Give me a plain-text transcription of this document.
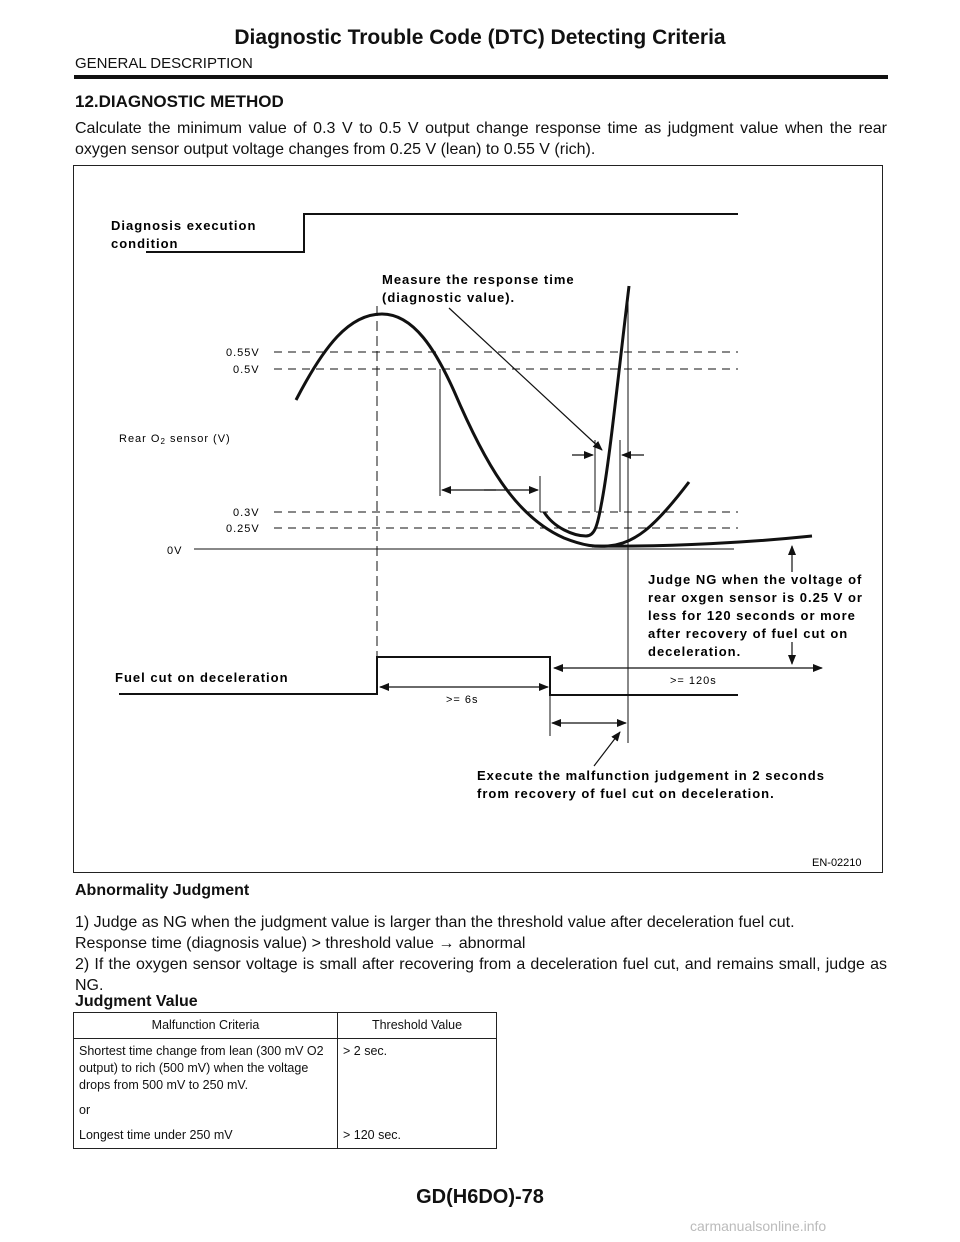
Diagnostic Trouble Code (DTC) Detecting Criteria
GENERAL DESCRIPTION
12.DIAGNOSTIC METHOD
Calculate the minimum value of 0.3 V to 0.5 V output change response time as judgment value when the rear oxygen sensor output voltage changes from 0.25 V (lean) to 0.55 V (rich).
Diagnosis execution
condition
Measure the response time
(diagnostic value).
0.55V
0.5V
Rear O2 sensor (V)
0.3V
0.25V
0V
Judge NG when the voltage of
rear oxgen sensor is 0.25 V or
less for 120 seconds or more
after recovery of fuel cut on
deceleration.
Fuel cut on deceleration	>= 120s
>= 6s
Execute the malfunction judgement in 2 seconds
from recovery of fuel cut on deceleration.
EN-02210
Abnormality Judgment
1) Judge as NG when the judgment value is larger than the threshold value after deceleration fuel cut.
Response time (diagnosis value) > threshold value → abnormal
2) If the oxygen sensor voltage is small after recovering from a deceleration fuel cut, and remains small, judge as NG.
Judgment Value
Malfunction Criteria	Threshold Value
Shortest time change from lean (300 mV O2 output) to rich (500 mV) when the voltage drops from 500 mV to 250 mV.	> 2 sec.
or	
Longest time under 250 mV	> 120 sec.
GD(H6DO)-78
carmanualsonline.info
